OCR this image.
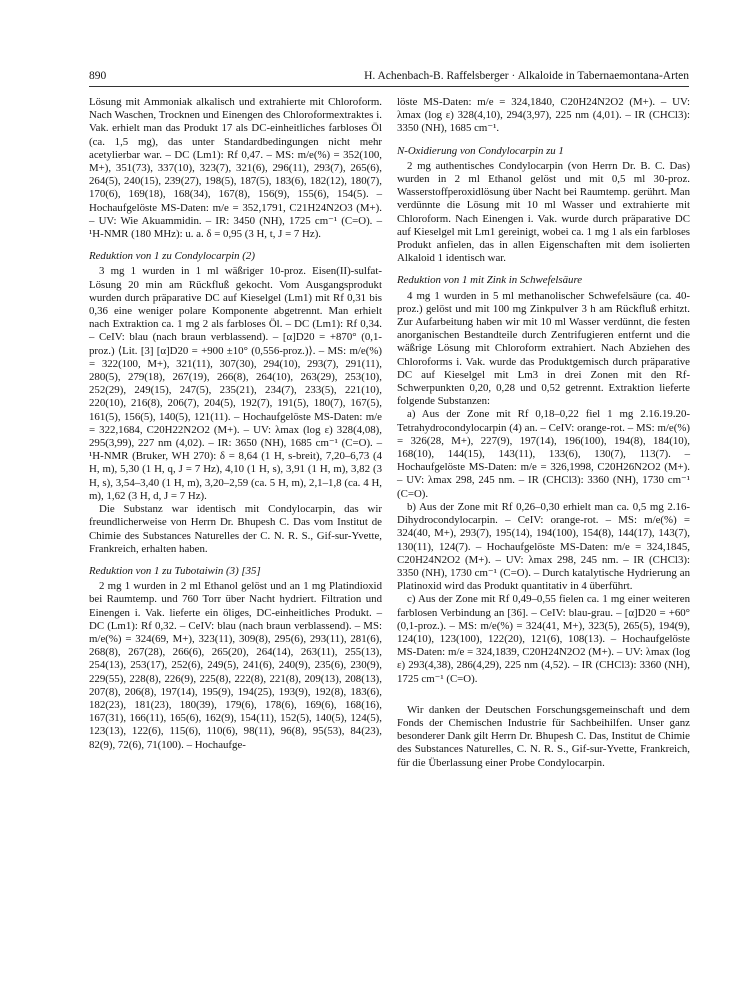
890	H. Achenbach-B. Raffelsberger · Alkaloide in Tabernaemontana-Arten

Lösung mit Ammoniak alkalisch und extrahierte mit Chloroform. Nach Waschen, Trocknen und Einengen des Chloroformextraktes i. Vak. erhielt man das Produkt 17 als DC-einheitliches farbloses Öl (ca. 1,5 mg), das unter Standardbedingungen nicht mehr acetylierbar war. – DC (Lm1): Rf 0,47. – MS: m/e(%) = 352(100, M+), 351(73), 337(10), 323(7), 321(6), 296(11), 293(7), 265(6), 264(5), 240(15), 239(27), 198(5), 187(5), 183(6), 182(12), 180(7), 170(6), 169(18), 168(34), 167(8), 156(9), 155(6), 154(5). – Hochaufgelöste MS-Daten: m/e = 352,1791, C21H24N2O3 (M+). – UV: Wie Akuammidin. – IR: 3450 (NH), 1725 cm⁻¹ (C=O). – ¹H-NMR (180 MHz): u. a. δ = 0,95 (3 H, t, J = 7 Hz).

Reduktion von 1 zu Condylocarpin (2)

3 mg 1 wurden in 1 ml wäßriger 10-proz. Eisen(II)-sulfat-Lösung 20 min am Rückfluß gekocht. Vom Ausgangsprodukt wurden durch präparative DC auf Kieselgel (Lm1) mit Rf 0,31 bis 0,36 eine weniger polare Komponente abgetrennt. Man erhielt nach Extraktion ca. 1 mg 2 als farbloses Öl. – DC (Lm1): Rf 0,34. – CeIV: blau (nach braun verblassend). – [α]D20 = +870° (0,1-proz.) ⟨Lit. [3] [α]D20 = +900 ±10° (0,556-proz.)⟩. – MS: m/e(%) = 322(100, M+), 321(11), 307(30), 294(10), 293(7), 291(11), 280(5), 279(18), 267(19), 266(8), 264(10), 263(29), 253(10), 252(29), 249(15), 247(5), 235(21), 234(7), 233(5), 221(10), 220(10), 216(8), 206(7), 204(5), 192(7), 191(5), 180(7), 167(5), 161(5), 156(5), 140(5), 121(11). – Hochaufgelöste MS-Daten: m/e = 322,1684, C20H22N2O2 (M+). – UV: λmax (log ε) 328(4,08), 295(3,99), 227 nm (4,02). – IR: 3650 (NH), 1685 cm⁻¹ (C=O). – ¹H-NMR (Bruker, WH 270): δ = 8,64 (1 H, s-breit), 7,20–6,73 (4 H, m), 5,30 (1 H, q, J = 7 Hz), 4,10 (1 H, s), 3,91 (1 H, m), 3,82 (3 H, s), 3,54–3,40 (1 H, m), 3,20–2,59 (ca. 5 H, m), 2,1–1,8 (ca. 4 H, m), 1,62 (3 H, d, J = 7 Hz).

Die Substanz war identisch mit Condylocarpin, das wir freundlicherweise von Herrn Dr. Bhupesh C. Das vom Institut de Chimie des Substances Naturelles der C. N. R. S., Gif-sur-Yvette, Frankreich, erhalten haben.

Reduktion von 1 zu Tubotaiwin (3) [35]

2 mg 1 wurden in 2 ml Ethanol gelöst und an 1 mg Platindioxid bei Raumtemp. und 760 Torr über Nacht hydriert. Filtration und Einengen i. Vak. lieferte ein öliges, DC-einheitliches Produkt. – DC (Lm1): Rf 0,32. – CeIV: blau (nach braun verblassend). – MS: m/e(%) = 324(69, M+), 323(11), 309(8), 295(6), 293(11), 281(6), 268(8), 267(28), 266(6), 265(20), 264(14), 263(11), 255(13), 254(13), 253(17), 252(6), 249(5), 241(6), 240(9), 235(6), 230(9), 229(55), 228(8), 226(9), 225(8), 222(8), 221(8), 209(13), 208(13), 207(8), 206(8), 197(14), 195(9), 194(25), 193(9), 192(8), 183(6), 182(23), 181(23), 180(39), 179(6), 178(6), 169(6), 168(16), 167(31), 166(11), 165(6), 162(9), 154(11), 152(5), 140(5), 124(5), 123(13), 122(6), 115(6), 110(6), 98(11), 96(8), 95(53), 84(23), 82(9), 72(6), 71(100). – Hochaufge-

löste MS-Daten: m/e = 324,1840, C20H24N2O2 (M+). – UV: λmax (log ε) 328(4,10), 294(3,97), 225 nm (4,01). – IR (CHCl3): 3350 (NH), 1685 cm⁻¹.

N-Oxidierung von Condylocarpin zu 1

2 mg authentisches Condylocarpin (von Herrn Dr. B. C. Das) wurden in 2 ml Ethanol gelöst und mit 0,5 ml 30-proz. Wasserstoffperoxidlösung über Nacht bei Raumtemp. gerührt. Man verdünnte die Lösung mit 10 ml Wasser und extrahierte mit Chloroform. Nach Einengen i. Vak. wurde durch präparative DC auf Kieselgel mit Lm1 gereinigt, wobei ca. 1 mg 1 als ein farbloses Produkt anfielen, das in allen Eigenschaften mit dem isolierten Alkaloid 1 identisch war.

Reduktion von 1 mit Zink in Schwefelsäure

4 mg 1 wurden in 5 ml methanolischer Schwefelsäure (ca. 40-proz.) gelöst und mit 100 mg Zinkpulver 3 h am Rückfluß erhitzt. Zur Aufarbeitung haben wir mit 10 ml Wasser verdünnt, die festen anorganischen Bestandteile durch Zentrifugieren entfernt und die wäßrige Lösung mit Chloroform extrahiert. Nach Abziehen des Chloroforms i. Vak. wurde das Produktgemisch durch präparative DC auf Kieselgel mit Lm3 in drei Zonen mit den Rf-Schwerpunkten 0,20, 0,28 und 0,52 getrennt. Extraktion lieferte folgende Substanzen:

a) Aus der Zone mit Rf 0,18–0,22 fiel 1 mg 2.16.19.20-Tetrahydrocondylocarpin (4) an. – CeIV: orange-rot. – MS: m/e(%) = 326(28, M+), 227(9), 197(14), 196(100), 194(8), 184(10), 168(10), 144(15), 143(11), 133(6), 130(7), 113(7). – Hochaufgelöste MS-Daten: m/e = 326,1998, C20H26N2O2 (M+). – UV: λmax 298, 245 nm. – IR (CHCl3): 3360 (NH), 1730 cm⁻¹ (C=O).

b) Aus der Zone mit Rf 0,26–0,30 erhielt man ca. 0,5 mg 2.16-Dihydrocondylocarpin. – CeIV: orange-rot. – MS: m/e(%) = 324(40, M+), 293(7), 195(14), 194(100), 154(8), 144(17), 143(7), 130(11), 124(7). – Hochaufgelöste MS-Daten: m/e = 324,1845, C20H24N2O2 (M+). – UV: λmax 298, 245 nm. – IR (CHCl3): 3350 (NH), 1730 cm⁻¹ (C=O). – Durch katalytische Hydrierung an Platinoxid wird das Produkt quantitativ in 4 überführt.

c) Aus der Zone mit Rf 0,49–0,55 fielen ca. 1 mg einer weiteren farblosen Verbindung an [36]. – CeIV: blau-grau. – [α]D20 = +60° (0,1-proz.). – MS: m/e(%) = 324(41, M+), 323(5), 265(5), 194(9), 124(10), 123(100), 122(20), 121(6), 108(13). – Hochaufgelöste MS-Daten: m/e = 324,1839, C20H24N2O2 (M+). – UV: λmax (log ε) 293(4,38), 286(4,29), 225 nm (4,52). – IR (CHCl3): 3360 (NH), 1725 cm⁻¹ (C=O).

Wir danken der Deutschen Forschungsgemeinschaft und dem Fonds der Chemischen Industrie für Sachbeihilfen. Unser ganz besonderer Dank gilt Herrn Dr. Bhupesh C. Das, Institut de Chimie des Substances Naturelles, C. N. R. S., Gif-sur-Yvette, Frankreich, für die Überlassung einer Probe Condylocarpin.
